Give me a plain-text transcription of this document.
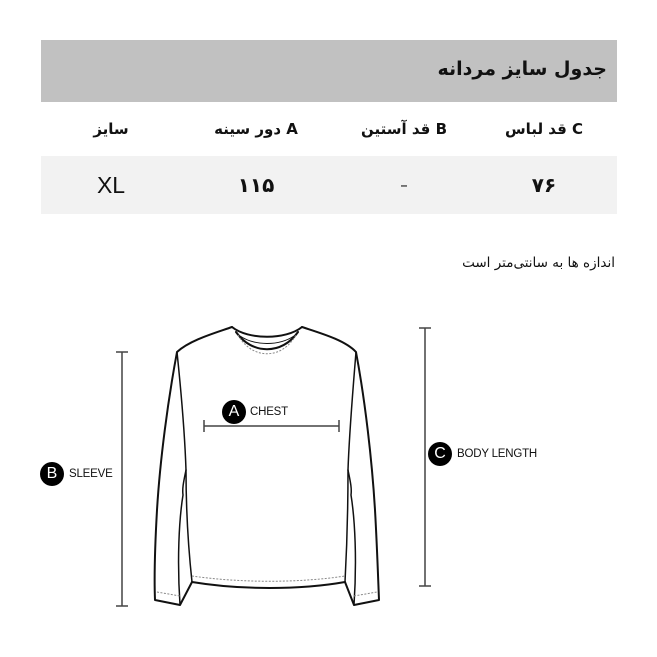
جدول سایز مردانه
C قد لباس
B قد آستین
A دور سینه
سایز
۷۶
–
۱۱۵
XL
اندازه ها به سانتی‌متر است
A CHEST
B	SLEEVE
C BODY LENGTH
